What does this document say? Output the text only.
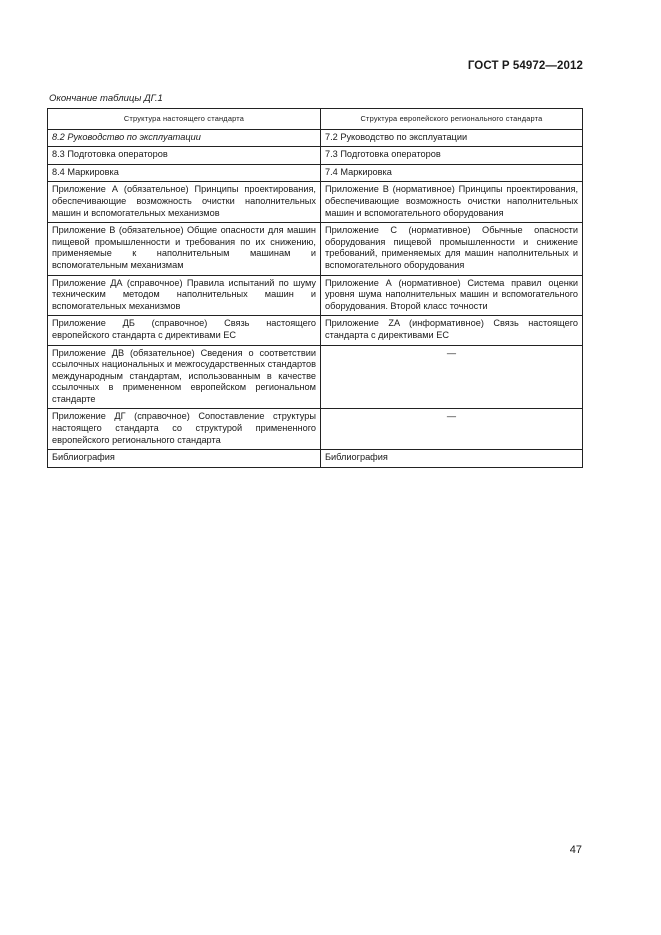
ГОСТ Р 54972—2012
Окончание таблицы ДГ.1
Структура настоящего стандарта	Структура европейского регионального стандарта
8.2 Руководство по эксплуатации	7.2 Руководство по эксплуатации
8.3 Подготовка операторов	7.3 Подготовка операторов
8.4 Маркировка	7.4 Маркировка
Приложение А (обязательное) Принципы проектирования, обеспечивающие возможность очистки наполнительных машин и вспомогательных механизмов	Приложение В (нормативное) Принципы проектирования, обеспечивающие возможность очистки наполнительных машин и вспомогательного оборудования
Приложение В (обязательное) Общие опасности для машин пищевой промышленности и требования по их снижению, применяемые к наполнительным машинам и вспомогательным механизмам	Приложение С (нормативное) Обычные опасности оборудования пищевой промышленности и снижение требований, применяемых для машин наполнительных и вспомогательного оборудования
Приложение ДА (справочное) Правила испытаний по шуму техническим методом наполнительных машин и вспомогательных механизмов	Приложение А (нормативное) Система правил оценки уровня шума наполнительных машин и вспомогательного оборудования. Второй класс точности
Приложение ДБ (справочное) Связь настоящего европейского стандарта с директивами ЕС	Приложение ZA (информативное) Связь настоящего стандарта с директивами ЕС
Приложение ДВ (обязательное) Сведения о соответствии ссылочных национальных и межгосударственных стандартов международным стандартам, использованным в качестве ссылочных в примененном европейском региональном стандарте	—
Приложение ДГ (справочное) Сопоставление структуры настоящего стандарта со структурой примененного европейского регионального стандарта	—
Библиография	Библиография
47
